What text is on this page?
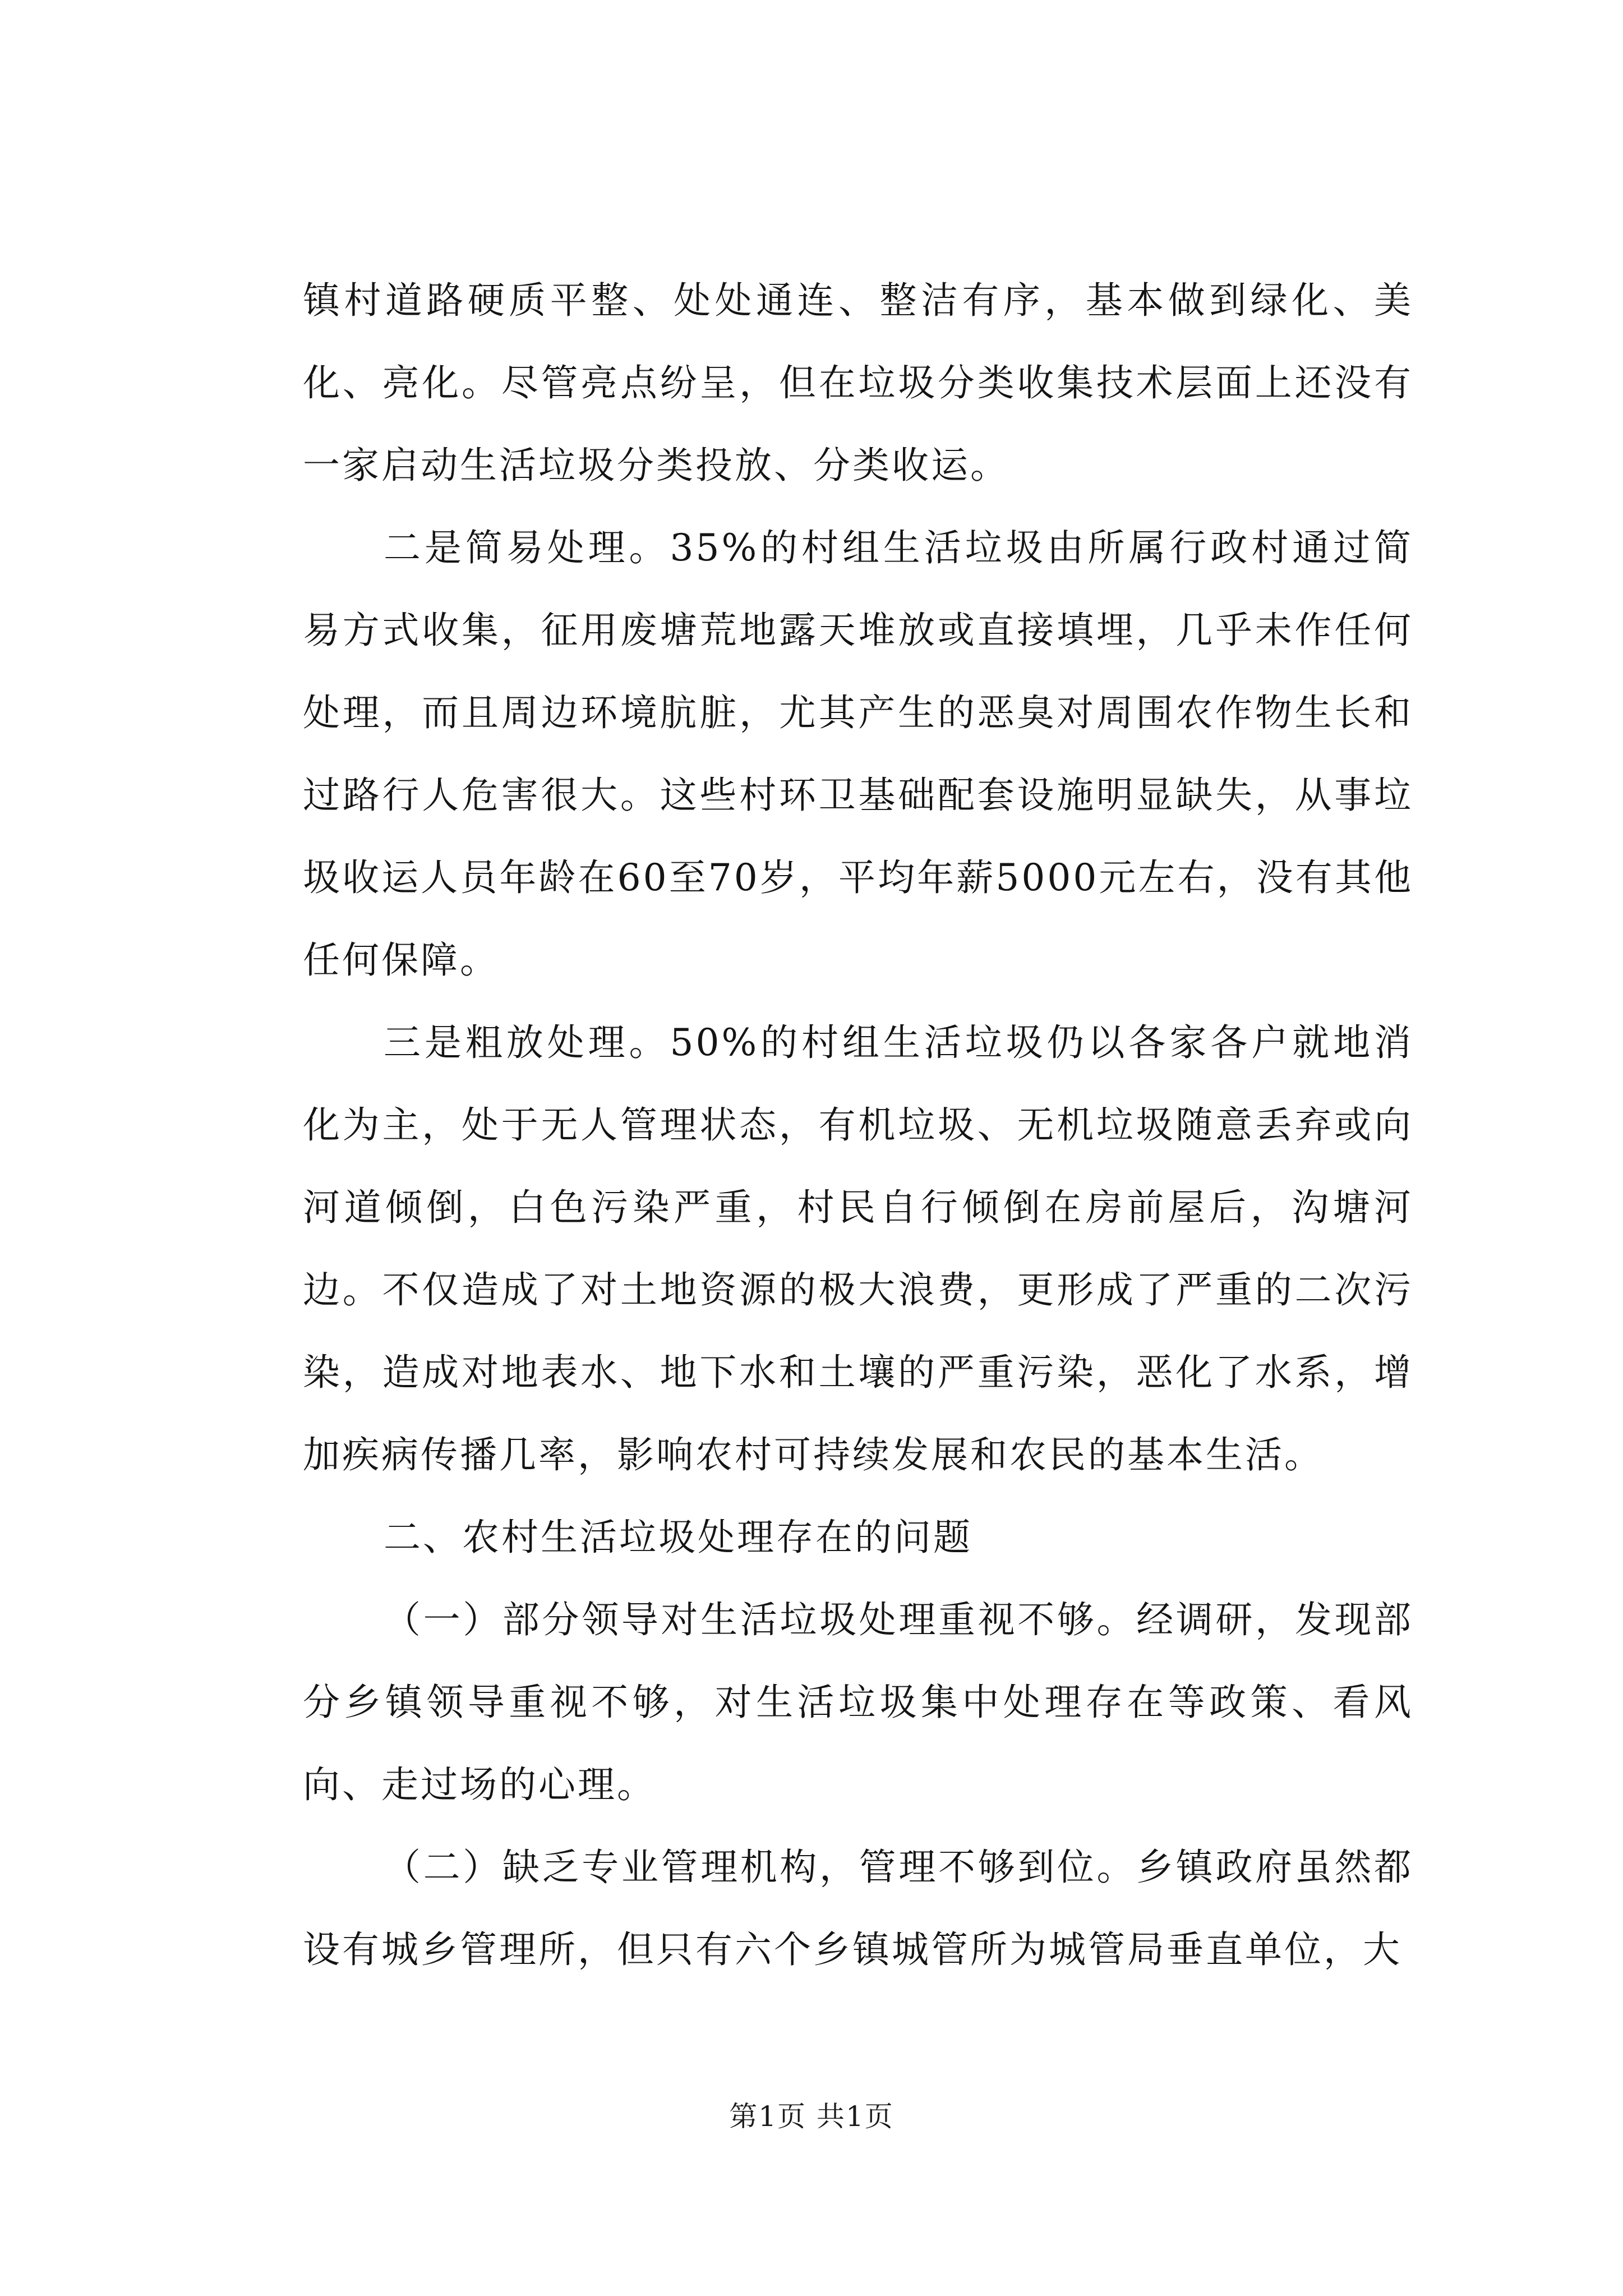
镇村道路硬质平整、处处通连、整洁有序，基本做到绿化、美化、亮化。尽管亮点纷呈，但在垃圾分类收集技术层面上还没有一家启动生活垃圾分类投放、分类收运。

二是简易处理。35%的村组生活垃圾由所属行政村通过简易方式收集，征用废塘荒地露天堆放或直接填埋，几乎未作任何处理，而且周边环境肮脏，尤其产生的恶臭对周围农作物生长和过路行人危害很大。这些村环卫基础配套设施明显缺失，从事垃圾收运人员年龄在60至70岁，平均年薪5000元左右，没有其他任何保障。

三是粗放处理。50%的村组生活垃圾仍以各家各户就地消化为主，处于无人管理状态，有机垃圾、无机垃圾随意丢弃或向河道倾倒，白色污染严重，村民自行倾倒在房前屋后，沟塘河边。不仅造成了对土地资源的极大浪费，更形成了严重的二次污染，造成对地表水、地下水和土壤的严重污染，恶化了水系，增加疾病传播几率，影响农村可持续发展和农民的基本生活。

二、农村生活垃圾处理存在的问题

（一）部分领导对生活垃圾处理重视不够。经调研，发现部分乡镇领导重视不够，对生活垃圾集中处理存在等政策、看风向、走过场的心理。

（二）缺乏专业管理机构，管理不够到位。乡镇政府虽然都设有城乡管理所，但只有六个乡镇城管所为城管局垂直单位，大

第1页 共1页
